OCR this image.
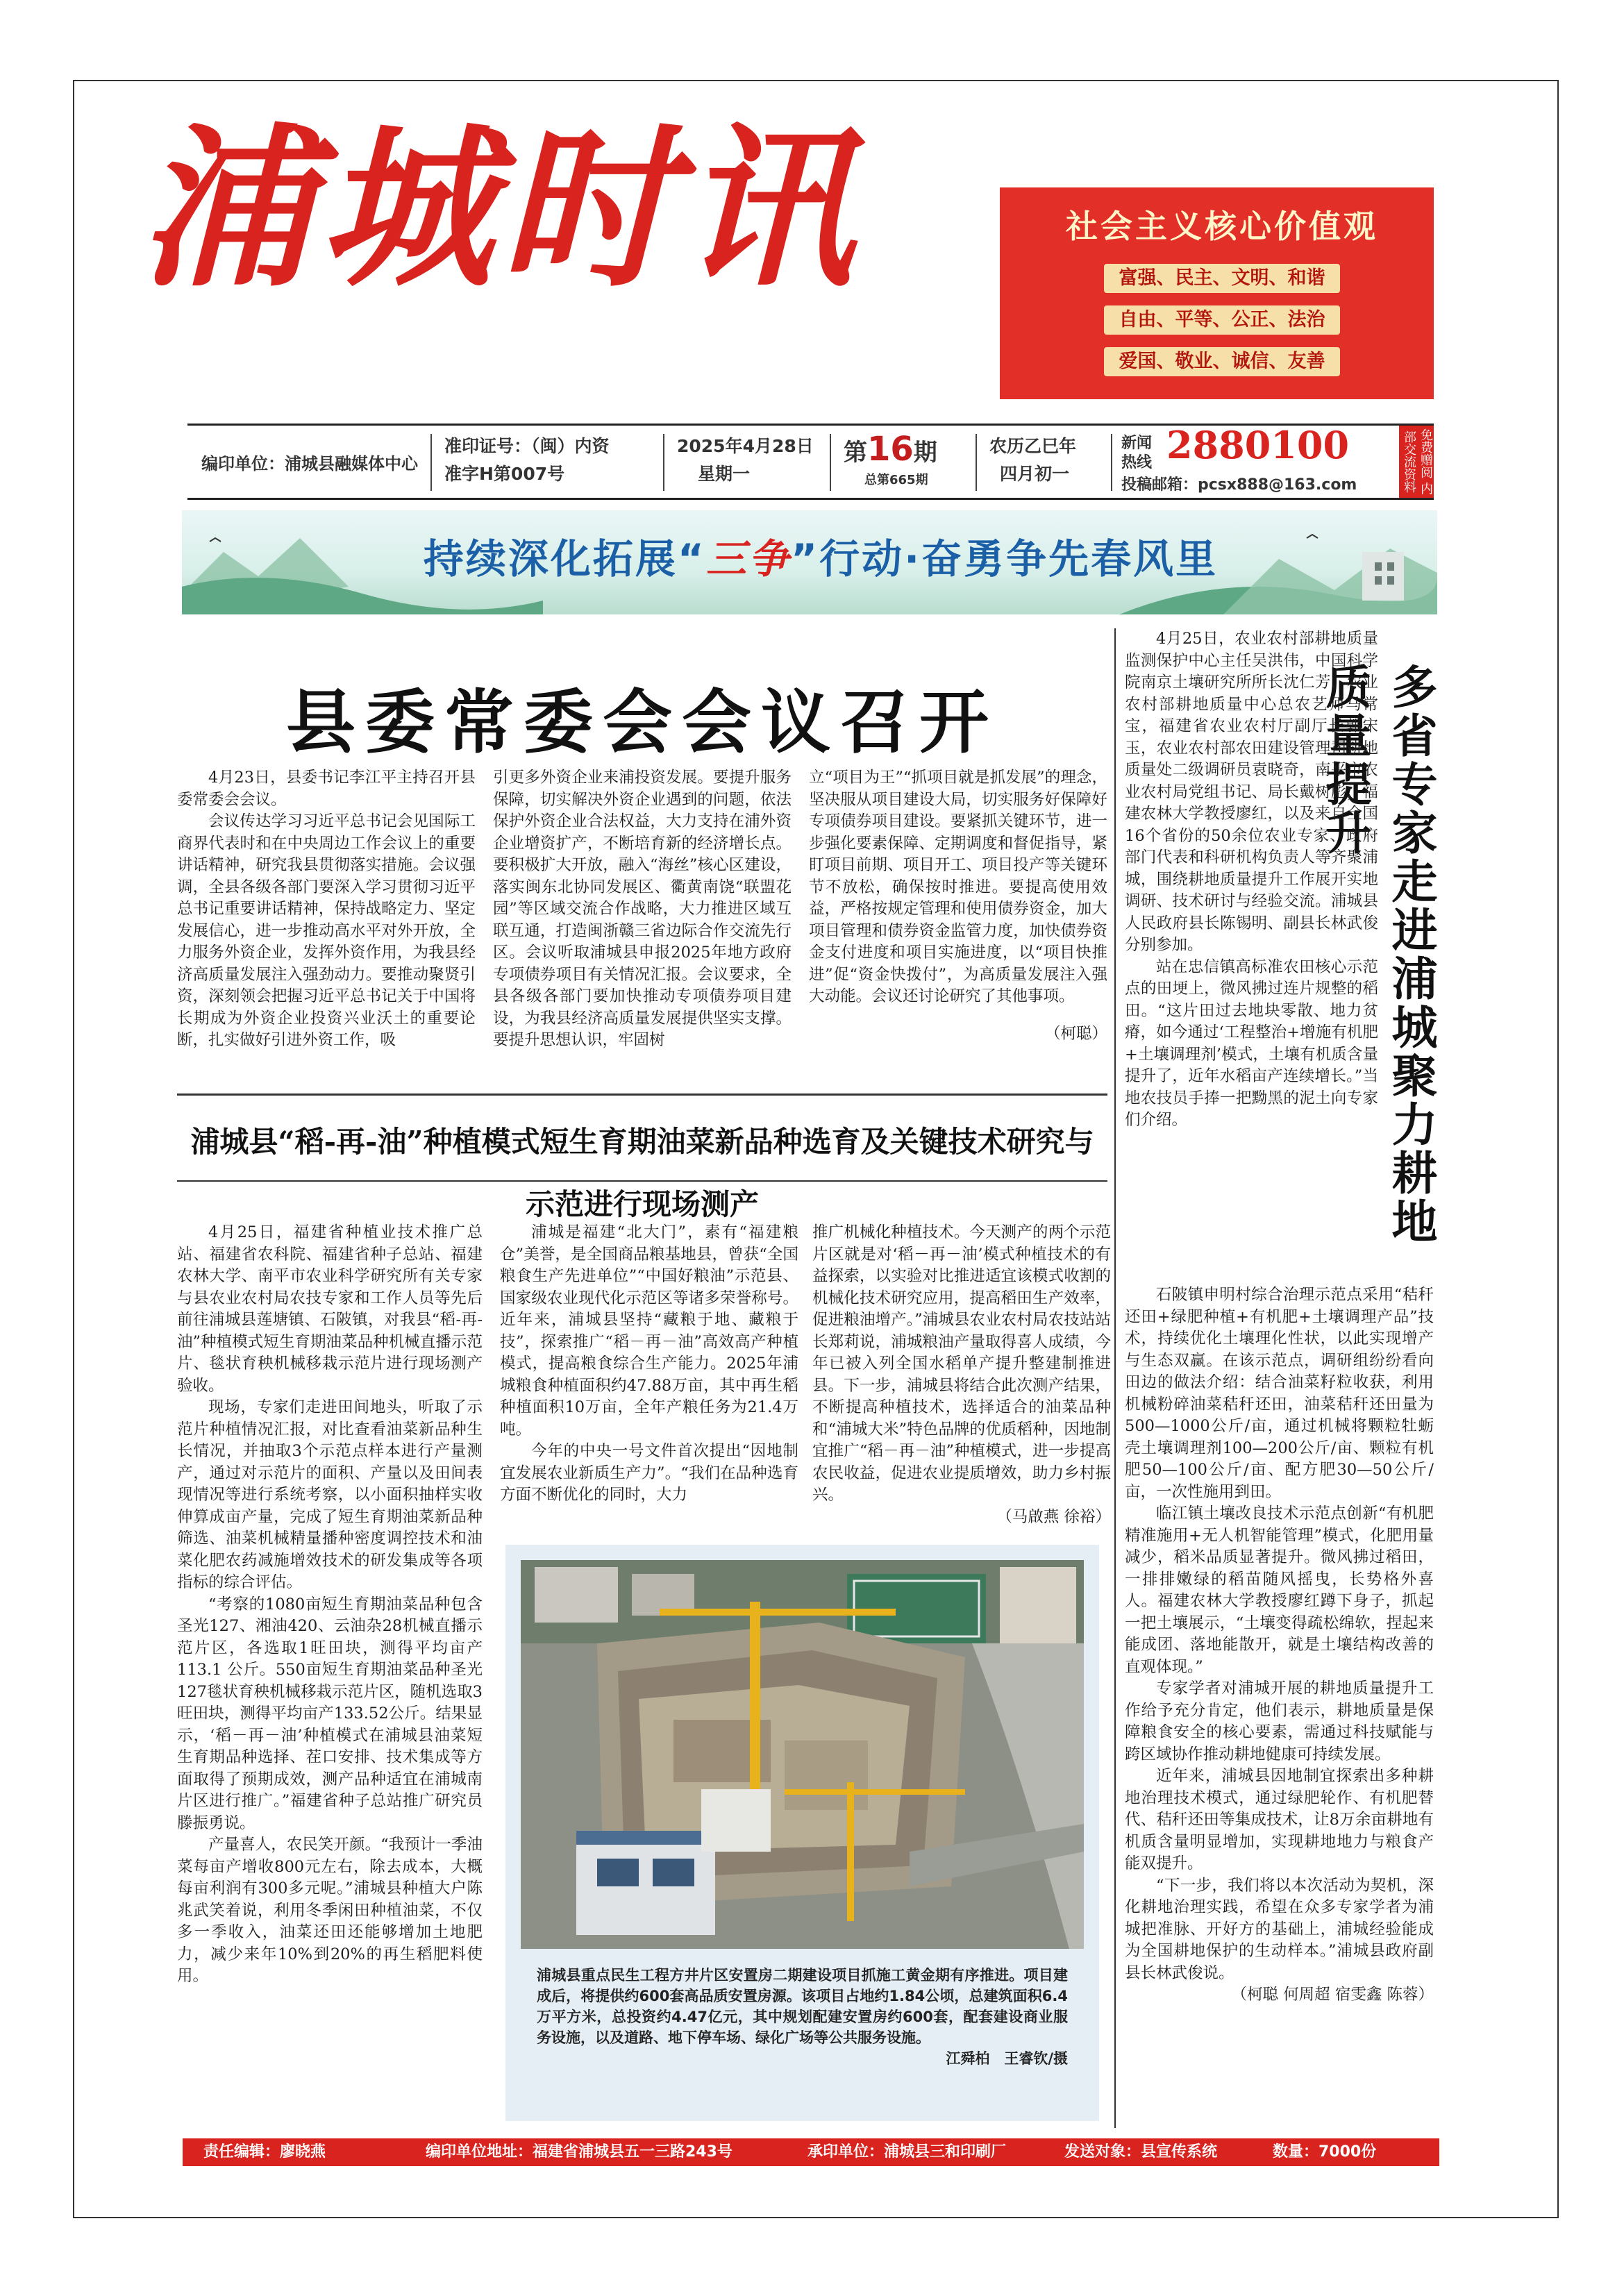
浦城时讯	社会主义核心价值观
富强、民主、文明、和谐
自由、平等、公正、法治
爱国、敬业、诚信、友善
编印单位：浦城县融媒体中心
准印证号：（闽）内资
准字H第007号
2025年4月28日
星期一
第16期
总第665期
农历乙巳年
四月初一
新闻
热线 2880100
投稿邮箱：pcsx888@163.com	免费赠阅 内部交流资料
持续深化拓展“三争”行动·奋勇争先春风里
县委常委会会议召开

4月23日，县委书记李江平主持召开县委常委会会议。

会议传达学习习近平总书记会见国际工商界代表时和在中央周边工作会议上的重要讲话精神，研究我县贯彻落实措施。会议强调，全县各级各部门要深入学习贯彻习近平总书记重要讲话精神，保持战略定力、坚定发展信心，进一步推动高水平对外开放，全力服务外资企业，发挥外资作用，为我县经济高质量发展注入强劲动力。要推动聚贤引资，深刻领会把握习近平总书记关于中国将长期成为外资企业投资兴业沃土的重要论断，扎实做好引进外资工作，吸

引更多外资企业来浦投资发展。要提升服务保障，切实解决外资企业遇到的问题，依法保护外资企业合法权益，大力支持在浦外资企业增资扩产，不断培育新的经济增长点。要积极扩大开放，融入“海丝”核心区建设，落实闽东北协同发展区、衢黄南饶“联盟花园”等区域交流合作战略，大力推进区域互联互通，打造闽浙赣三省边际合作交流先行区。会议听取浦城县申报2025年地方政府专项债券项目有关情况汇报。会议要求，全县各级各部门要加快推动专项债券项目建设，为我县经济高质量发展提供坚实支撑。要提升思想认识，牢固树

立“项目为王”“抓项目就是抓发展”的理念，坚决服从项目建设大局，切实服务好保障好专项债券项目建设。要紧抓关键环节，进一步强化要素保障、定期调度和督促指导，紧盯项目前期、项目开工、项目投产等关键环节不放松，确保按时推进。要提高使用效益，严格按规定管理和使用债券资金，加大项目管理和债券资金监管力度，加快债券资金支付进度和项目实施进度，以“项目快推进”促“资金快拨付”，为高质量发展注入强大动能。会议还讨论研究了其他事项。

（柯聪）

浦城县“稻-再-油”种植模式短生育期油菜新品种选育及关键技术研究与示范进行现场测产

4月25日，福建省种植业技术推广总站、福建省农科院、福建省种子总站、福建农林大学、南平市农业科学研究所有关专家与县农业农村局农技专家和工作人员等先后前往浦城县莲塘镇、石陂镇，对我县“稻-再-油”种植模式短生育期油菜品种机械直播示范片、毯状育秧机械移栽示范片进行现场测产验收。

现场，专家们走进田间地头，听取了示范片种植情况汇报，对比查看油菜新品种生长情况，并抽取3个示范点样本进行产量测产，通过对示范片的面积、产量以及田间表现情况等进行系统考察，以小面积抽样实收伸算成亩产量，完成了短生育期油菜新品种筛选、油菜机械精量播种密度调控技术和油菜化肥农药减施增效技术的研发集成等各项指标的综合评估。

“考察的1080亩短生育期油菜品种包含圣光127、湘油420、云油杂28机械直播示范片区，各选取1旺田块，测得平均亩产113.1 公斤。550亩短生育期油菜品种圣光127毯状育秧机械移栽示范片区，随机选取3旺田块，测得平均亩产133.52公斤。结果显示，‘稻－再－油’种植模式在浦城县油菜短生育期品种选择、茬口安排、技术集成等方面取得了预期成效，测产品种适宜在浦城南片区进行推广。”福建省种子总站推广研究员滕振勇说。

产量喜人，农民笑开颜。“我预计一季油菜每亩产增收800元左右，除去成本，大概每亩利润有300多元呢。”浦城县种植大户陈兆武笑着说，利用冬季闲田种植油菜，不仅多一季收入，油菜还田还能够增加土地肥力，减少来年10%到20%的再生稻肥料使用。

浦城是福建“北大门”，素有“福建粮仓”美誉，是全国商品粮基地县，曾获“全国粮食生产先进单位”“中国好粮油”示范县、国家级农业现代化示范区等诸多荣誉称号。近年来，浦城县坚持“藏粮于地、藏粮于技”，探索推广“稻－再－油”高效高产种植模式，提高粮食综合生产能力。2025年浦城粮食种植面积约47.88万亩，其中再生稻种植面积10万亩，全年产粮任务为21.4万吨。

今年的中央一号文件首次提出“因地制宜发展农业新质生产力”。“我们在品种选育方面不断优化的同时，大力

推广机械化种植技术。今天测产的两个示范片区就是对‘稻－再－油’模式种植技术的有益探索，以实验对比推进适宜该模式收割的机械化技术研究应用，提高稻田生产效率，促进粮油增产。”浦城县农业农村局农技站站长郑莉说，浦城粮油产量取得喜人成绩，今年已被入列全国水稻单产提升整建制推进县。下一步，浦城县将结合此次测产结果，不断提高种植技术，选择适合的油菜品种和“浦城大米”特色品牌的优质稻种，因地制宜推广“稻－再－油”种植模式，进一步提高农民收益，促进农业提质增效，助力乡村振兴。

（马啟燕 徐裕）

浦城县重点民生工程方井片区安置房二期建设项目抓施工黄金期有序推进。项目建成后，将提供约600套高品质安置房源。该项目占地约1.84公顷，总建筑面积6.4万平方米，总投资约4.47亿元，其中规划配建安置房约600套，配套建设商业服务设施，以及道路、地下停车场、绿化广场等公共服务设施。
江舜柏　王睿钦/摄
多省专家走进浦城聚力耕地质量提升

4月25日，农业农村部耕地质量监测保护中心主任吴洪伟，中国科学院南京土壤研究所所长沈仁芳，农业农村部耕地质量中心总农艺师马常宝，福建省农业农村厅副厅长郭宋玉，农业农村部农田建设管理司耕地质量处二级调研员袁晓奇，南平市农业农村局党组书记、局长戴树彪，福建农林大学教授廖红，以及来自全国16个省份的50余位农业专家、政府部门代表和科研机构负责人等齐聚浦城，围绕耕地质量提升工作展开实地调研、技术研讨与经验交流。浦城县人民政府县长陈锡明、副县长林武俊分别参加。

站在忠信镇高标准农田核心示范点的田埂上，微风拂过连片规整的稻田。“这片田过去地块零散、地力贫瘠，如今通过‘工程整治+增施有机肥+土壤调理剂’模式，土壤有机质含量提升了，近年水稻亩产连续增长。”当地农技员手捧一把黝黑的泥土向专家们介绍。

石陂镇申明村综合治理示范点采用“秸秆还田+绿肥种植+有机肥+土壤调理产品”技术，持续优化土壤理化性状，以此实现增产与生态双赢。在该示范点，调研组纷纷看向田边的做法介绍：结合油菜籽粒收获，利用机械粉碎油菜秸秆还田，油菜秸秆还田量为500—1000公斤/亩，通过机械将颗粒牡蛎壳土壤调理剂100—200公斤/亩、颗粒有机肥50—100公斤/亩、配方肥30—50公斤/亩，一次性施用到田。

临江镇土壤改良技术示范点创新“有机肥精准施用+无人机智能管理”模式，化肥用量减少，稻米品质显著提升。微风拂过稻田，一排排嫩绿的稻苗随风摇曳，长势格外喜人。福建农林大学教授廖红蹲下身子，抓起一把土壤展示，“土壤变得疏松绵软，捏起来能成团、落地能散开，就是土壤结构改善的直观体现。”

专家学者对浦城开展的耕地质量提升工作给予充分肯定，他们表示，耕地质量是保障粮食安全的核心要素，需通过科技赋能与跨区域协作推动耕地健康可持续发展。

近年来，浦城县因地制宜探索出多种耕地治理技术模式，通过绿肥轮作、有机肥替代、秸秆还田等集成技术，让8万余亩耕地有机质含量明显增加，实现耕地地力与粮食产能双提升。

“下一步，我们将以本次活动为契机，深化耕地治理实践，希望在众多专家学者为浦城把准脉、开好方的基础上，浦城经验能成为全国耕地保护的生动样本。”浦城县政府副县长林武俊说。

（柯聪 何周超 宿雯鑫 陈蓉）

责任编辑：廖晓燕	编印单位地址：福建省浦城县五一三路243号	承印单位：浦城县三和印刷厂	发送对象：县宣传系统	数量：7000份
